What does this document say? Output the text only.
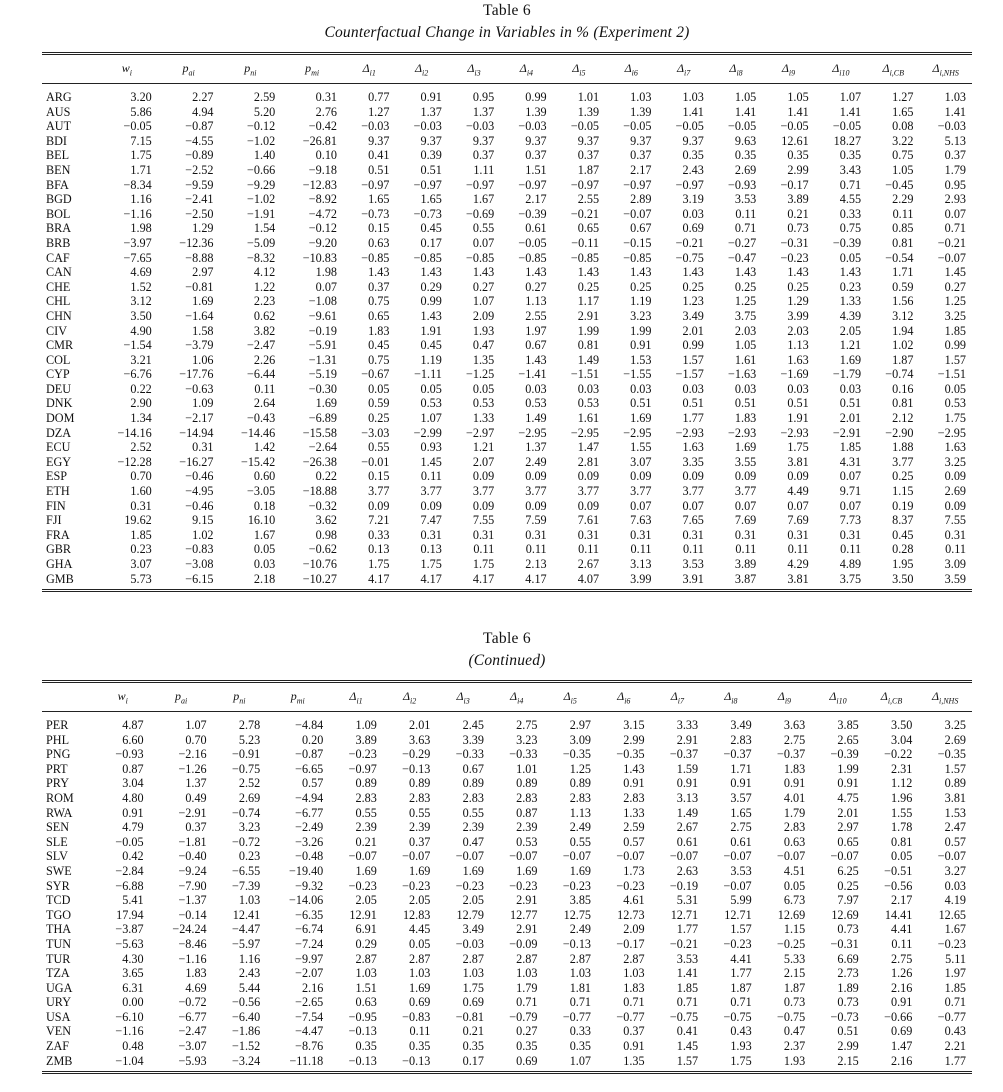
Table 6
Counterfactual Change in Variables in % (Experiment 2)
	$w_i$	$p_{ai}$	$p_{ni}$	$p_{mi}$	$\Delta_{i1}$	$\Delta_{i2}$	$\Delta_{i3}$	$\Delta_{i4}$	$\Delta_{i5}$	$\Delta_{i6}$	$\Delta_{i7}$	$\Delta_{i8}$	$\Delta_{i9}$	$\Delta_{i10}$	$\Delta_{i,CB}$	$\Delta_{i,NHS}$
ARG	3.20	2.27	2.59	0.31	0.77	0.91	0.95	0.99	1.01	1.03	1.03	1.05	1.05	1.07	1.27	1.03
AUS	5.86	4.94	5.20	2.76	1.27	1.37	1.37	1.39	1.39	1.39	1.41	1.41	1.41	1.41	1.65	1.41
AUT	−0.05	−0.87	−0.12	−0.42	−0.03	−0.03	−0.03	−0.03	−0.05	−0.05	−0.05	−0.05	−0.05	−0.05	0.08	−0.03
BDI	7.15	−4.55	−1.02	−26.81	9.37	9.37	9.37	9.37	9.37	9.37	9.37	9.63	12.61	18.27	3.22	5.13
BEL	1.75	−0.89	1.40	0.10	0.41	0.39	0.37	0.37	0.37	0.37	0.35	0.35	0.35	0.35	0.75	0.37
BEN	1.71	−2.52	−0.66	−9.18	0.51	0.51	1.11	1.51	1.87	2.17	2.43	2.69	2.99	3.43	1.05	1.79
BFA	−8.34	−9.59	−9.29	−12.83	−0.97	−0.97	−0.97	−0.97	−0.97	−0.97	−0.97	−0.93	−0.17	0.71	−0.45	0.95
BGD	1.16	−2.41	−1.02	−8.92	1.65	1.65	1.67	2.17	2.55	2.89	3.19	3.53	3.89	4.55	2.29	2.93
BOL	−1.16	−2.50	−1.91	−4.72	−0.73	−0.73	−0.69	−0.39	−0.21	−0.07	0.03	0.11	0.21	0.33	0.11	0.07
BRA	1.98	1.29	1.54	−0.12	0.15	0.45	0.55	0.61	0.65	0.67	0.69	0.71	0.73	0.75	0.85	0.71
BRB	−3.97	−12.36	−5.09	−9.20	0.63	0.17	0.07	−0.05	−0.11	−0.15	−0.21	−0.27	−0.31	−0.39	0.81	−0.21
CAF	−7.65	−8.88	−8.32	−10.83	−0.85	−0.85	−0.85	−0.85	−0.85	−0.85	−0.75	−0.47	−0.23	0.05	−0.54	−0.07
CAN	4.69	2.97	4.12	1.98	1.43	1.43	1.43	1.43	1.43	1.43	1.43	1.43	1.43	1.43	1.71	1.45
CHE	1.52	−0.81	1.22	0.07	0.37	0.29	0.27	0.27	0.25	0.25	0.25	0.25	0.25	0.23	0.59	0.27
CHL	3.12	1.69	2.23	−1.08	0.75	0.99	1.07	1.13	1.17	1.19	1.23	1.25	1.29	1.33	1.56	1.25
CHN	3.50	−1.64	0.62	−9.61	0.65	1.43	2.09	2.55	2.91	3.23	3.49	3.75	3.99	4.39	3.12	3.25
CIV	4.90	1.58	3.82	−0.19	1.83	1.91	1.93	1.97	1.99	1.99	2.01	2.03	2.03	2.05	1.94	1.85
CMR	−1.54	−3.79	−2.47	−5.91	0.45	0.45	0.47	0.67	0.81	0.91	0.99	1.05	1.13	1.21	1.02	0.99
COL	3.21	1.06	2.26	−1.31	0.75	1.19	1.35	1.43	1.49	1.53	1.57	1.61	1.63	1.69	1.87	1.57
CYP	−6.76	−17.76	−6.44	−5.19	−0.67	−1.11	−1.25	−1.41	−1.51	−1.55	−1.57	−1.63	−1.69	−1.79	−0.74	−1.51
DEU	0.22	−0.63	0.11	−0.30	0.05	0.05	0.05	0.03	0.03	0.03	0.03	0.03	0.03	0.03	0.16	0.05
DNK	2.90	1.09	2.64	1.69	0.59	0.53	0.53	0.53	0.53	0.51	0.51	0.51	0.51	0.51	0.81	0.53
DOM	1.34	−2.17	−0.43	−6.89	0.25	1.07	1.33	1.49	1.61	1.69	1.77	1.83	1.91	2.01	2.12	1.75
DZA	−14.16	−14.94	−14.46	−15.58	−3.03	−2.99	−2.97	−2.95	−2.95	−2.95	−2.93	−2.93	−2.93	−2.91	−2.90	−2.95
ECU	2.52	0.31	1.42	−2.64	0.55	0.93	1.21	1.37	1.47	1.55	1.63	1.69	1.75	1.85	1.88	1.63
EGY	−12.28	−16.27	−15.42	−26.38	−0.01	1.45	2.07	2.49	2.81	3.07	3.35	3.55	3.81	4.31	3.77	3.25
ESP	0.70	−0.46	0.60	0.22	0.15	0.11	0.09	0.09	0.09	0.09	0.09	0.09	0.09	0.07	0.25	0.09
ETH	1.60	−4.95	−3.05	−18.88	3.77	3.77	3.77	3.77	3.77	3.77	3.77	3.77	4.49	9.71	1.15	2.69
FIN	0.31	−0.46	0.18	−0.32	0.09	0.09	0.09	0.09	0.09	0.07	0.07	0.07	0.07	0.07	0.19	0.09
FJI	19.62	9.15	16.10	3.62	7.21	7.47	7.55	7.59	7.61	7.63	7.65	7.69	7.69	7.73	8.37	7.55
FRA	1.85	1.02	1.67	0.98	0.33	0.31	0.31	0.31	0.31	0.31	0.31	0.31	0.31	0.31	0.45	0.31
GBR	0.23	−0.83	0.05	−0.62	0.13	0.13	0.11	0.11	0.11	0.11	0.11	0.11	0.11	0.11	0.28	0.11
GHA	3.07	−3.08	0.03	−10.76	1.75	1.75	1.75	2.13	2.67	3.13	3.53	3.89	4.29	4.89	1.95	3.09
GMB	5.73	−6.15	2.18	−10.27	4.17	4.17	4.17	4.17	4.07	3.99	3.91	3.87	3.81	3.75	3.50	3.59
Table 6
(Continued)
	$w_i$	$p_{ai}$	$p_{ni}$	$p_{mi}$	$\Delta_{i1}$	$\Delta_{i2}$	$\Delta_{i3}$	$\Delta_{i4}$	$\Delta_{i5}$	$\Delta_{i6}$	$\Delta_{i7}$	$\Delta_{i8}$	$\Delta_{i9}$	$\Delta_{i10}$	$\Delta_{i,CB}$	$\Delta_{i,NHS}$
PER	4.87	1.07	2.78	−4.84	1.09	2.01	2.45	2.75	2.97	3.15	3.33	3.49	3.63	3.85	3.50	3.25
PHL	6.60	0.70	5.23	0.20	3.89	3.63	3.39	3.23	3.09	2.99	2.91	2.83	2.75	2.65	3.04	2.69
PNG	−0.93	−2.16	−0.91	−0.87	−0.23	−0.29	−0.33	−0.33	−0.35	−0.35	−0.37	−0.37	−0.37	−0.39	−0.22	−0.35
PRT	0.87	−1.26	−0.75	−6.65	−0.97	−0.13	0.67	1.01	1.25	1.43	1.59	1.71	1.83	1.99	2.31	1.57
PRY	3.04	1.37	2.52	0.57	0.89	0.89	0.89	0.89	0.89	0.91	0.91	0.91	0.91	0.91	1.12	0.89
ROM	4.80	0.49	2.69	−4.94	2.83	2.83	2.83	2.83	2.83	2.83	3.13	3.57	4.01	4.75	1.96	3.81
RWA	0.91	−2.91	−0.74	−6.77	0.55	0.55	0.55	0.87	1.13	1.33	1.49	1.65	1.79	2.01	1.55	1.53
SEN	4.79	0.37	3.23	−2.49	2.39	2.39	2.39	2.39	2.49	2.59	2.67	2.75	2.83	2.97	1.78	2.47
SLE	−0.05	−1.81	−0.72	−3.26	0.21	0.37	0.47	0.53	0.55	0.57	0.61	0.61	0.63	0.65	0.81	0.57
SLV	0.42	−0.40	0.23	−0.48	−0.07	−0.07	−0.07	−0.07	−0.07	−0.07	−0.07	−0.07	−0.07	−0.07	0.05	−0.07
SWE	−2.84	−9.24	−6.55	−19.40	1.69	1.69	1.69	1.69	1.69	1.73	2.63	3.53	4.51	6.25	−0.51	3.27
SYR	−6.88	−7.90	−7.39	−9.32	−0.23	−0.23	−0.23	−0.23	−0.23	−0.23	−0.19	−0.07	0.05	0.25	−0.56	0.03
TCD	5.41	−1.37	1.03	−14.06	2.05	2.05	2.05	2.91	3.85	4.61	5.31	5.99	6.73	7.97	2.17	4.19
TGO	17.94	−0.14	12.41	−6.35	12.91	12.83	12.79	12.77	12.75	12.73	12.71	12.71	12.69	12.69	14.41	12.65
THA	−3.87	−24.24	−4.47	−6.74	6.91	4.45	3.49	2.91	2.49	2.09	1.77	1.57	1.15	0.73	4.41	1.67
TUN	−5.63	−8.46	−5.97	−7.24	0.29	0.05	−0.03	−0.09	−0.13	−0.17	−0.21	−0.23	−0.25	−0.31	0.11	−0.23
TUR	4.30	−1.16	1.16	−9.97	2.87	2.87	2.87	2.87	2.87	2.87	3.53	4.41	5.33	6.69	2.75	5.11
TZA	3.65	1.83	2.43	−2.07	1.03	1.03	1.03	1.03	1.03	1.03	1.41	1.77	2.15	2.73	1.26	1.97
UGA	6.31	4.69	5.44	2.16	1.51	1.69	1.75	1.79	1.81	1.83	1.85	1.87	1.87	1.89	2.16	1.85
URY	0.00	−0.72	−0.56	−2.65	0.63	0.69	0.69	0.71	0.71	0.71	0.71	0.71	0.73	0.73	0.91	0.71
USA	−6.10	−6.77	−6.40	−7.54	−0.95	−0.83	−0.81	−0.79	−0.77	−0.77	−0.75	−0.75	−0.75	−0.73	−0.66	−0.77
VEN	−1.16	−2.47	−1.86	−4.47	−0.13	0.11	0.21	0.27	0.33	0.37	0.41	0.43	0.47	0.51	0.69	0.43
ZAF	0.48	−3.07	−1.52	−8.76	0.35	0.35	0.35	0.35	0.35	0.91	1.45	1.93	2.37	2.99	1.47	2.21
ZMB	−1.04	−5.93	−3.24	−11.18	−0.13	−0.13	0.17	0.69	1.07	1.35	1.57	1.75	1.93	2.15	2.16	1.77
